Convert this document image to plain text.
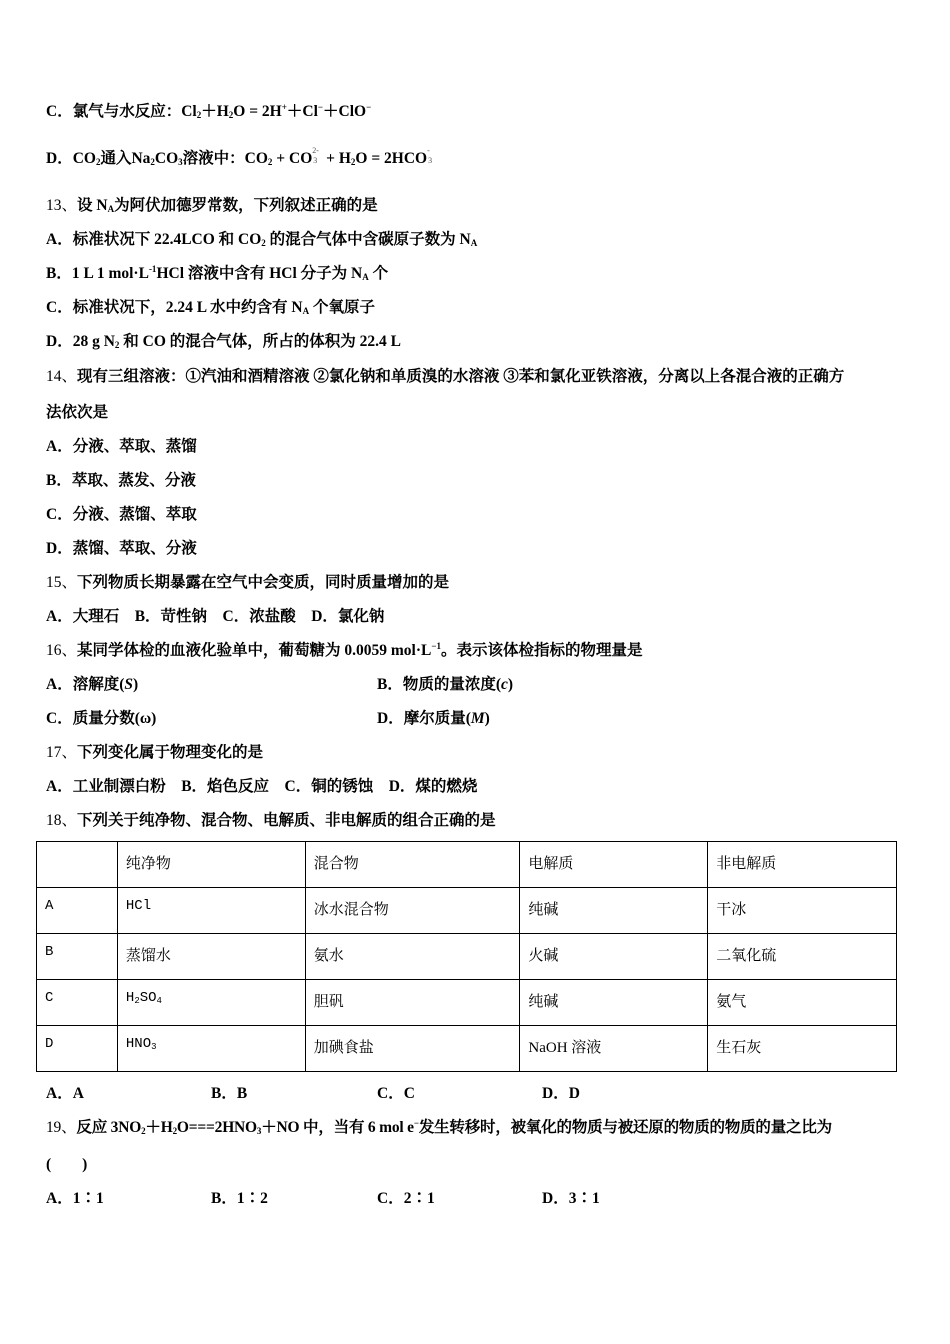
C．氯气与水反应：$Cl_2+H_2O = 2H^++Cl^-+ClO^-$
D．$CO_2$通入$Na_2CO_3$溶液中：$CO_2$ + CO 2-
$3 + H_2O = 2HCO$ -
3
13、设 $N_A$为阿伏加德罗常数，下列叙述正确的是
A．标准状况下 22.4LCO 和 $CO_2$ 的混合气体中含碳原子数为 $N_A$
B．1 L 1 $mol\cdot L^{-1}HCl$ 溶液中含有 HCl 分子为 $N_A$ 个
C．标准状况下，2.24 L 水中约含有 $N_A$ 个氧原子
D．28 g $N_2$ 和 CO 的混合气体，所占的体积为 22.4 L
14、现有三组溶液：①汽油和酒精溶液 ②氯化钠和单质溴的水溶液 ③苯和氯化亚铁溶液，分离以上各混合液的正确方
法依次是
A．分液、萃取、蒸馏
B．萃取、蒸发、分液
C．分液、蒸馏、萃取
D．蒸馏、萃取、分液
15、下列物质长期暴露在空气中会变质，同时质量增加的是
A．大理石　B．苛性钠　C．浓盐酸　D．氯化钠
16、某同学体检的血液化验单中，葡萄糖为 0.0059 $mol\cdot L^{-1}$。表示该体检指标的物理量是
A．溶解度(S)	B．物质的量浓度(c)
C．质量分数(ω)	D．摩尔质量(M)
17、下列变化属于物理变化的是
A．工业制漂白粉　B．焰色反应　C．铜的锈蚀　D．煤的燃烧
18、下列关于纯净物、混合物、电解质、非电解质的组合正确的是
	纯净物	混合物	电解质	非电解质
A	HCl	冰水混合物	纯碱	干冰
B	蒸馏水	氨水	火碱	二氧化硫
C	$H_2SO_4$	胆矾	纯碱	氨气
D	$HNO_3$	加碘食盐	NaOH 溶液	生石灰
A．A	B．B	C．C	D．D
19、反应 $3NO_2+H_2O===2HNO_3+NO$ 中，当有 6 mol e−发生转移时，被氧化的物质与被还原的物质的物质的量之比为
(　　)
A．1∶1	B．1∶2	C．2∶1	D．3∶1
